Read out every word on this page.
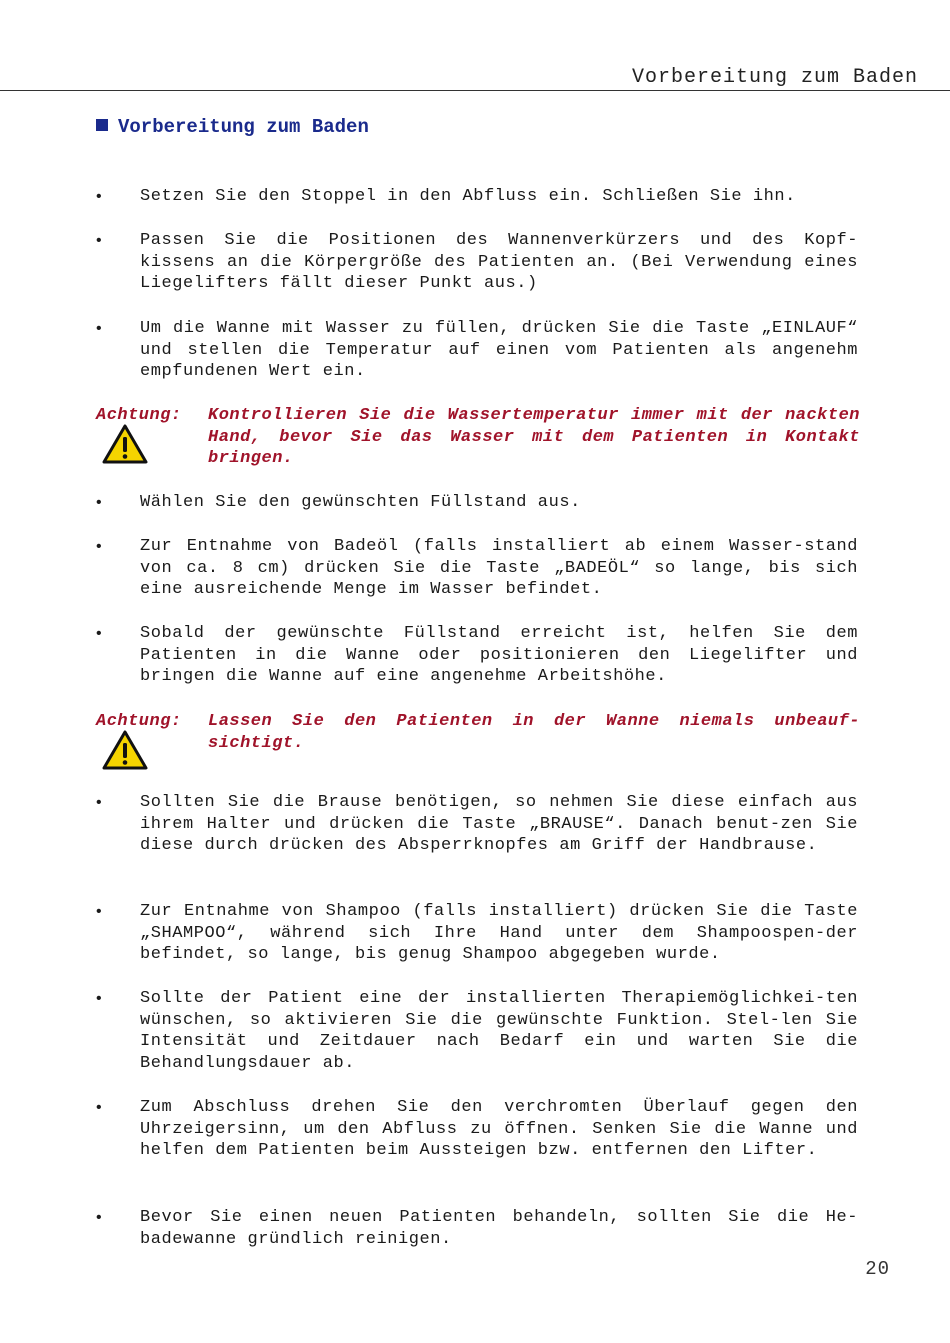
Vorbereitung zum Baden
Vorbereitung zum Baden
• Setzen Sie den Stoppel in den Abfluss ein. Schließen Sie ihn.
• Passen Sie die Positionen des Wannenverkürzers und des Kopf-kissens an die Körpergröße des Patienten an. (Bei Verwendung eines Liegelifters fällt dieser Punkt aus.)
• Um die Wanne mit Wasser zu füllen, drücken Sie die Taste „EINLAUF“ und stellen die Temperatur auf einen vom Patienten als angenehm empfundenen Wert ein.
Achtung: Kontrollieren Sie die Wassertemperatur immer mit der nackten Hand, bevor Sie das Wasser mit dem Patienten in Kontakt bringen.
• Wählen Sie den gewünschten Füllstand aus.
• Zur Entnahme von Badeöl (falls installiert ab einem Wasser-stand von ca. 8 cm) drücken Sie die Taste „BADEÖL“ so lange, bis sich eine ausreichende Menge im Wasser befindet.
• Sobald der gewünschte Füllstand erreicht ist, helfen Sie dem Patienten in die Wanne oder positionieren den Liegelifter und bringen die Wanne auf eine angenehme Arbeitshöhe.
Achtung: Lassen Sie den Patienten in der Wanne niemals unbeauf-sichtigt.
• Sollten Sie die Brause benötigen, so nehmen Sie diese einfach aus ihrem Halter und drücken die Taste „BRAUSE“. Danach benut-zen Sie diese durch drücken des Absperrknopfes am Griff der Handbrause.
• Zur Entnahme von Shampoo (falls installiert) drücken Sie die Taste „SHAMPOO“, während sich Ihre Hand unter dem Shampoospen-der befindet, so lange, bis genug Shampoo abgegeben wurde.
• Sollte der Patient eine der installierten Therapiemöglichkei-ten wünschen, so aktivieren Sie die gewünschte Funktion. Stel-len Sie Intensität und Zeitdauer nach Bedarf ein und warten Sie die Behandlungsdauer ab.
• Zum Abschluss drehen Sie den verchromten Überlauf gegen den Uhrzeigersinn, um den Abfluss zu öffnen. Senken Sie die Wanne und helfen dem Patienten beim Aussteigen bzw. entfernen den Lifter.
• Bevor Sie einen neuen Patienten behandeln, sollten Sie die He-badewanne gründlich reinigen.
20
